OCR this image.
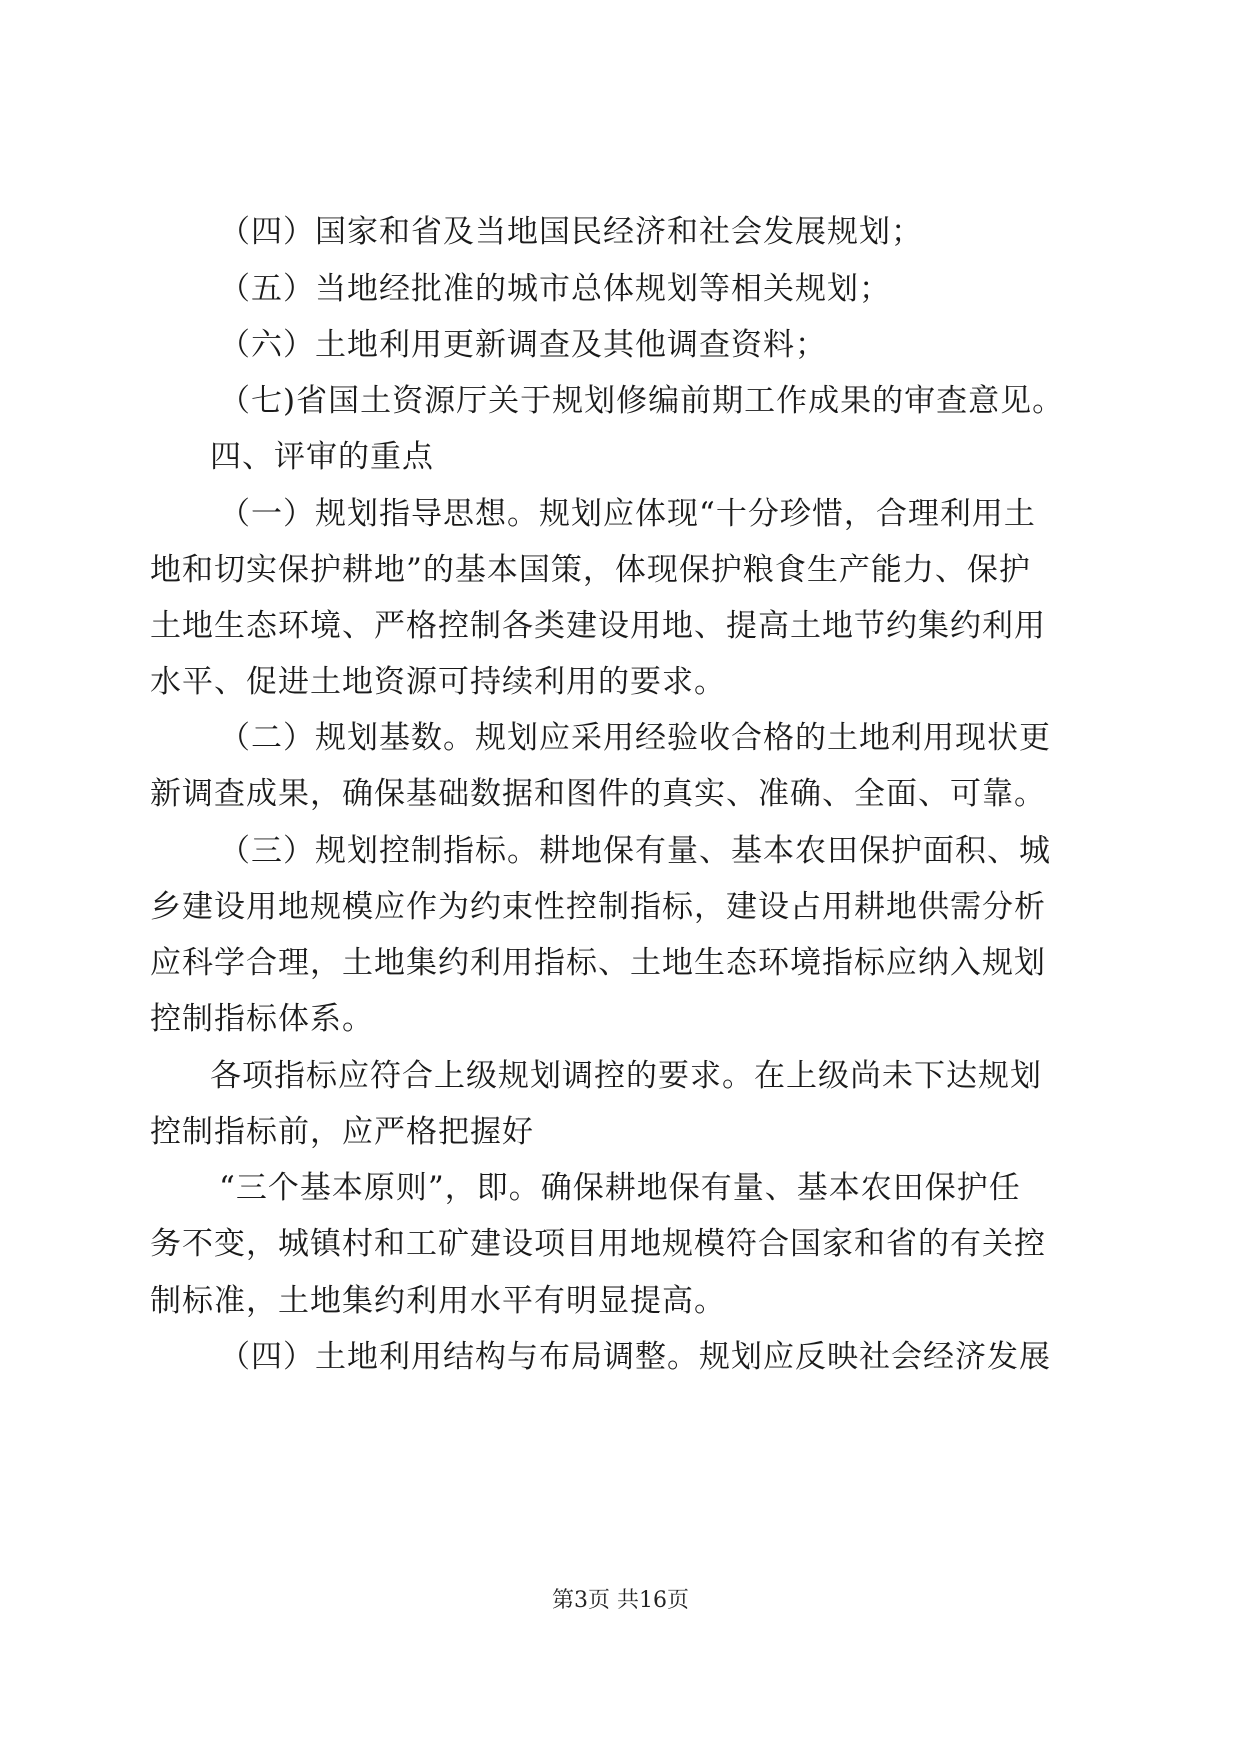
（四）国家和省及当地国民经济和社会发展规划；
（五）当地经批准的城市总体规划等相关规划；
（六）土地利用更新调查及其他调查资料；
（七)省国土资源厅关于规划修编前期工作成果的审查意见。
四、评审的重点
（一）规划指导思想。规划应体现“十分珍惜，合理利用土
地和切实保护耕地”的基本国策，体现保护粮食生产能力、保护
土地生态环境、严格控制各类建设用地、提高土地节约集约利用
水平、促进土地资源可持续利用的要求。
（二）规划基数。规划应采用经验收合格的土地利用现状更
新调查成果，确保基础数据和图件的真实、准确、全面、可靠。
（三）规划控制指标。耕地保有量、基本农田保护面积、城
乡建设用地规模应作为约束性控制指标，建设占用耕地供需分析
应科学合理，土地集约利用指标、土地生态环境指标应纳入规划
控制指标体系。
各项指标应符合上级规划调控的要求。在上级尚未下达规划
控制指标前，应严格把握好
“三个基本原则”，即。确保耕地保有量、基本农田保护任
务不变，城镇村和工矿建设项目用地规模符合国家和省的有关控
制标准，土地集约利用水平有明显提高。
（四）土地利用结构与布局调整。规划应反映社会经济发展
第3页 共16页
